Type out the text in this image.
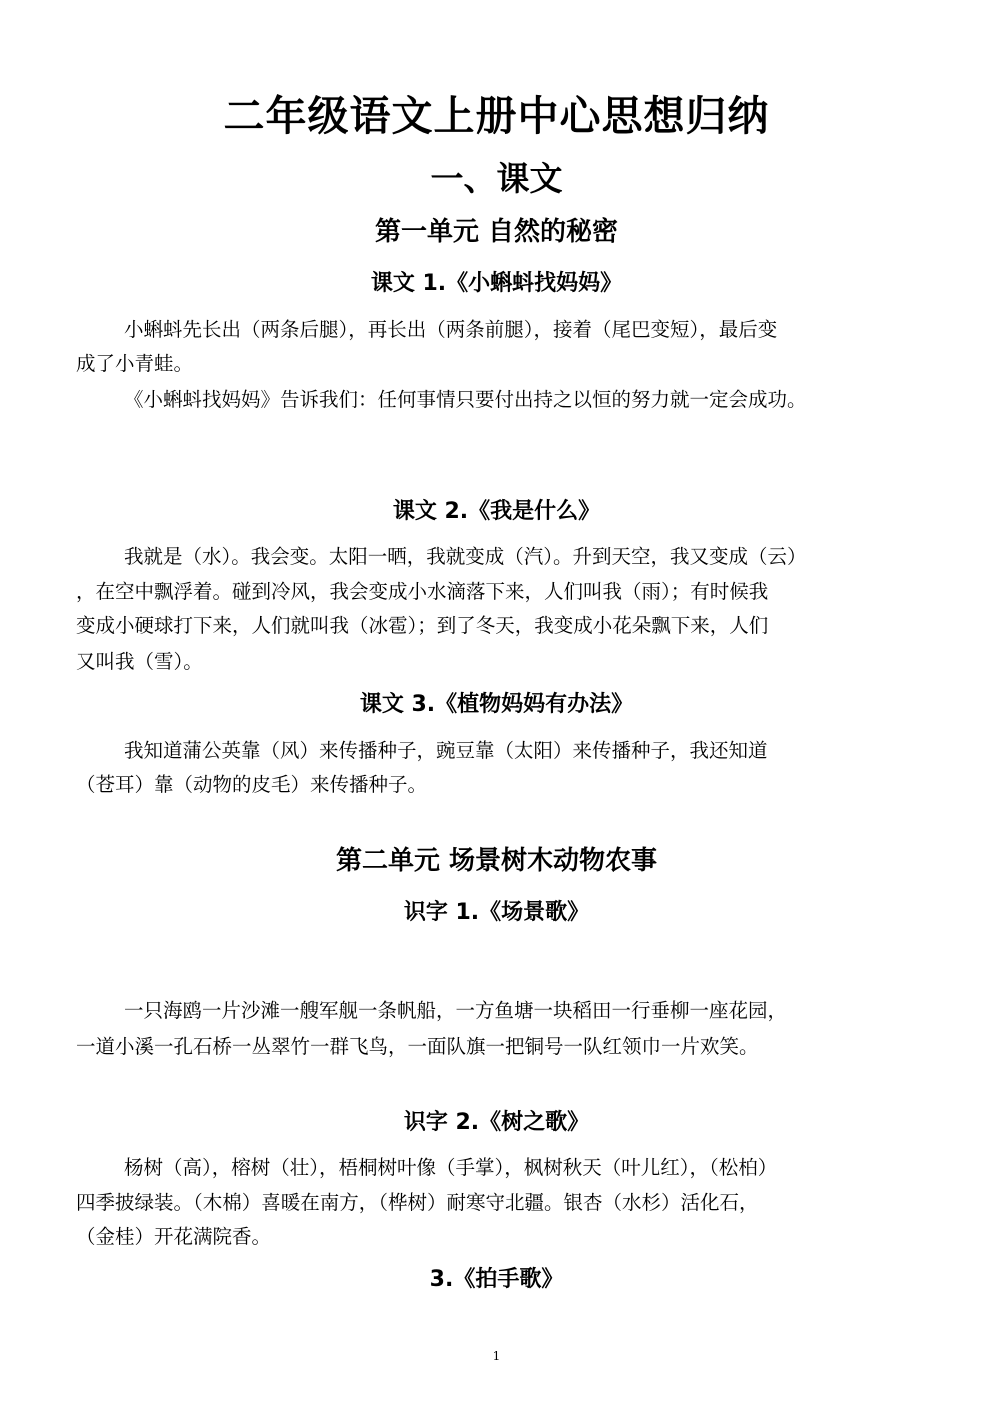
二年级语文上册中心思想归纳
一、课文
第一单元 自然的秘密
课文 1.《小蝌蚪找妈妈》
小蝌蚪先长出（两条后腿），再长出（两条前腿），接着（尾巴变短），最后变
成了小青蛙。
《小蝌蚪找妈妈》告诉我们：任何事情只要付出持之以恒的努力就一定会成功。
课文 2.《我是什么》
我就是（水）。我会变。太阳一晒，我就变成（汽）。升到天空，我又变成（云）
，在空中飘浮着。碰到冷风，我会变成小水滴落下来，人们叫我（雨）；有时候我
变成小硬球打下来，人们就叫我（冰雹）；到了冬天，我变成小花朵飘下来，人们
又叫我（雪）。
课文 3.《植物妈妈有办法》
我知道蒲公英靠（风）来传播种子，豌豆靠（太阳）来传播种子，我还知道
（苍耳）靠（动物的皮毛）来传播种子。
第二单元 场景树木动物农事
识字 1.《场景歌》
一只海鸥一片沙滩一艘军舰一条帆船，一方鱼塘一块稻田一行垂柳一座花园，
一道小溪一孔石桥一丛翠竹一群飞鸟，一面队旗一把铜号一队红领巾一片欢笑。
识字 2.《树之歌》
杨树（高），榕树（壮），梧桐树叶像（手掌），枫树秋天（叶儿红），（松柏）
四季披绿装。（木棉）喜暖在南方，（桦树）耐寒守北疆。银杏（水杉）活化石，
（金桂）开花满院香。
3.《拍手歌》
1
